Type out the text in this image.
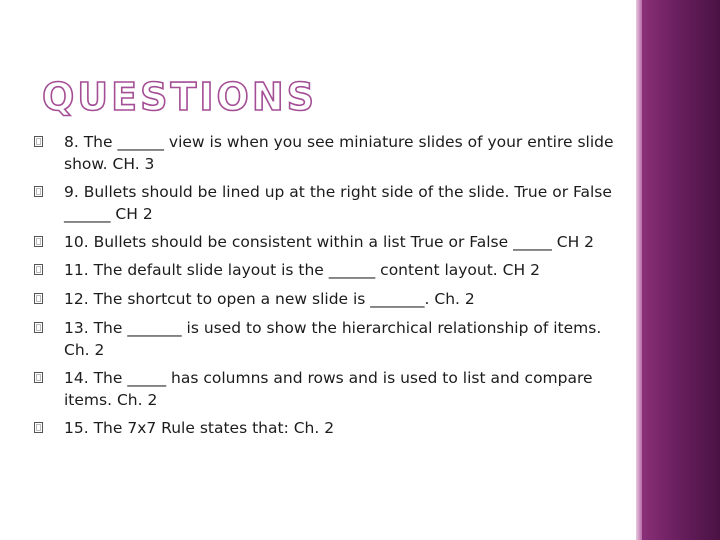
QUESTIONS
8. The ______ view is when you see miniature slides of your entire slide show. CH. 3
9. Bullets should be lined up at the right side of the slide. True or False ______ CH 2
10. Bullets should be consistent within a list True or False _____ CH 2
11. The default slide layout is the ______ content layout. CH 2
12. The shortcut to open a new slide is _______. Ch. 2
13. The _______ is used to show the hierarchical relationship of items. Ch. 2
14. The _____ has columns and rows and is used to list and compare items. Ch. 2
15. The 7x7 Rule states that: Ch. 2
